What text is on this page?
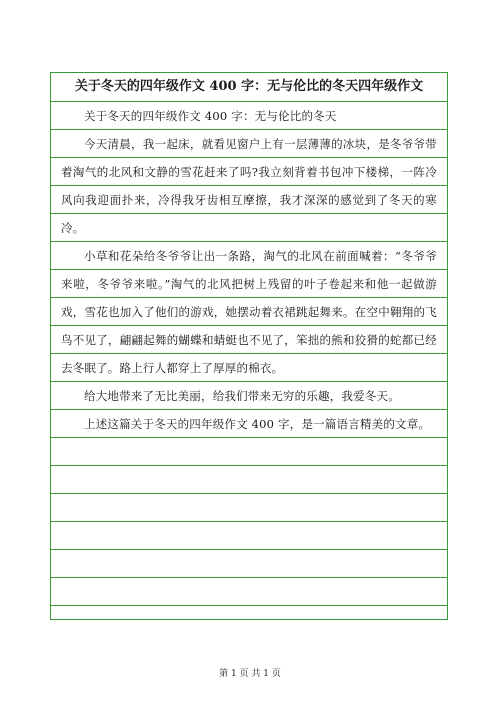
关于冬天的四年级作文 400 字：无与伦比的冬天四年级作文

关于冬天的四年级作文 400 字：无与伦比的冬天

今天清晨，我一起床，就看见窗户上有一层薄薄的冰块，是冬爷爷带着淘气的北风和文静的雪花赶来了吗?我立刻背着书包冲下楼梯，一阵冷风向我迎面扑来，冷得我牙齿相互摩擦，我才深深的感觉到了冬天的寒冷。

小草和花朵给冬爷爷让出一条路，淘气的北风在前面喊着：“冬爷爷来啦，冬爷爷来啦。”淘气的北风把树上残留的叶子卷起来和他一起做游戏，雪花也加入了他们的游戏，她摆动着衣裙跳起舞来。在空中翱翔的飞鸟不见了，翩翩起舞的蝴蝶和蜻蜓也不见了，笨拙的熊和狡猾的蛇都已经去冬眠了。路上行人都穿上了厚厚的棉衣。

给大地带来了无比美丽，给我们带来无穷的乐趣，我爱冬天。

上述这篇关于冬天的四年级作文 400 字，是一篇语言精美的文章。

第 1 页 共 1 页
